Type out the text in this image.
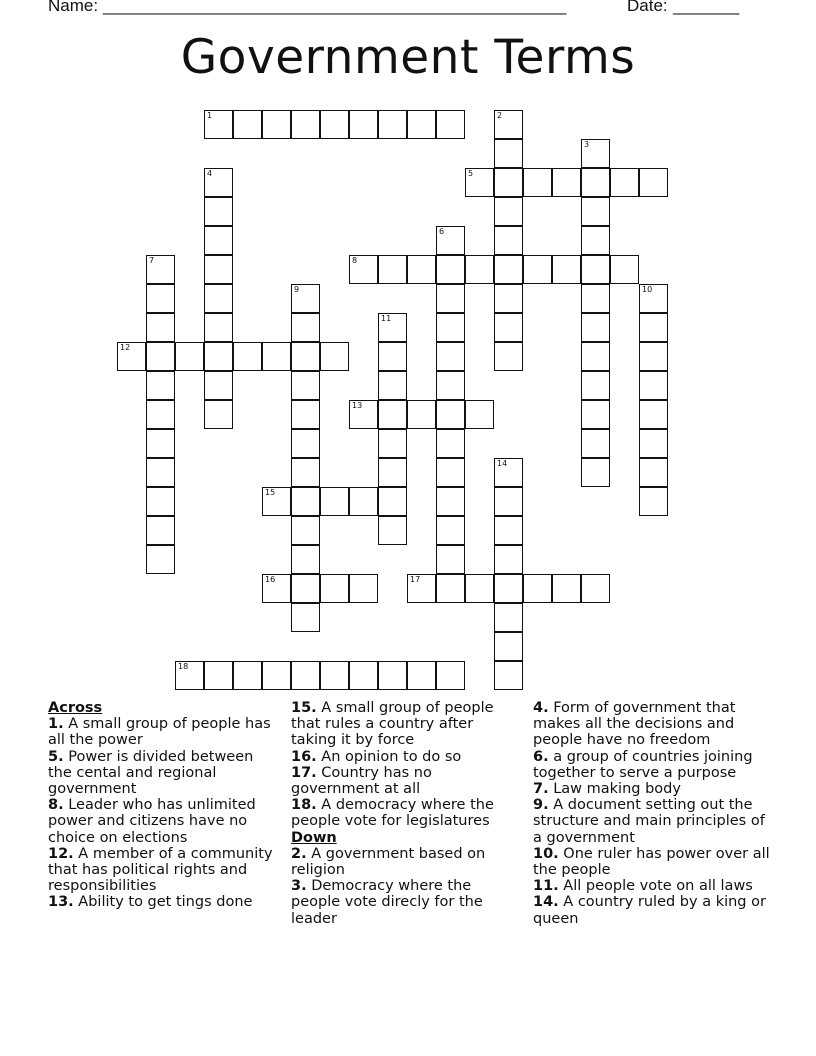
Name: _________________________________________________	Date: _______
Government Terms
1	2
3
4	5
6
7	8
9	10
11
12
13
14
15
16	17
18

Across

1. A small group of people has all the power

5. Power is divided between the cental and regional government

8. Leader who has unlimited power and citizens have no choice on elections

12. A member of a community that has political rights and responsibilities

13. Ability to get tings done

15. A small group of people that rules a country after taking it by force

16. An opinion to do so

17. Country has no government at all

18. A democracy where the people vote for legislatures

Down

2. A government based on religion

3. Democracy where the people vote direcly for the leader

4. Form of government that makes all the decisions and people have no freedom

6. a group of countries joining together to serve a purpose

7. Law making body

9. A document setting out the structure and main principles of a government

10. One ruler has power over all the people

11. All people vote on all laws

14. A country ruled by a king or queen
